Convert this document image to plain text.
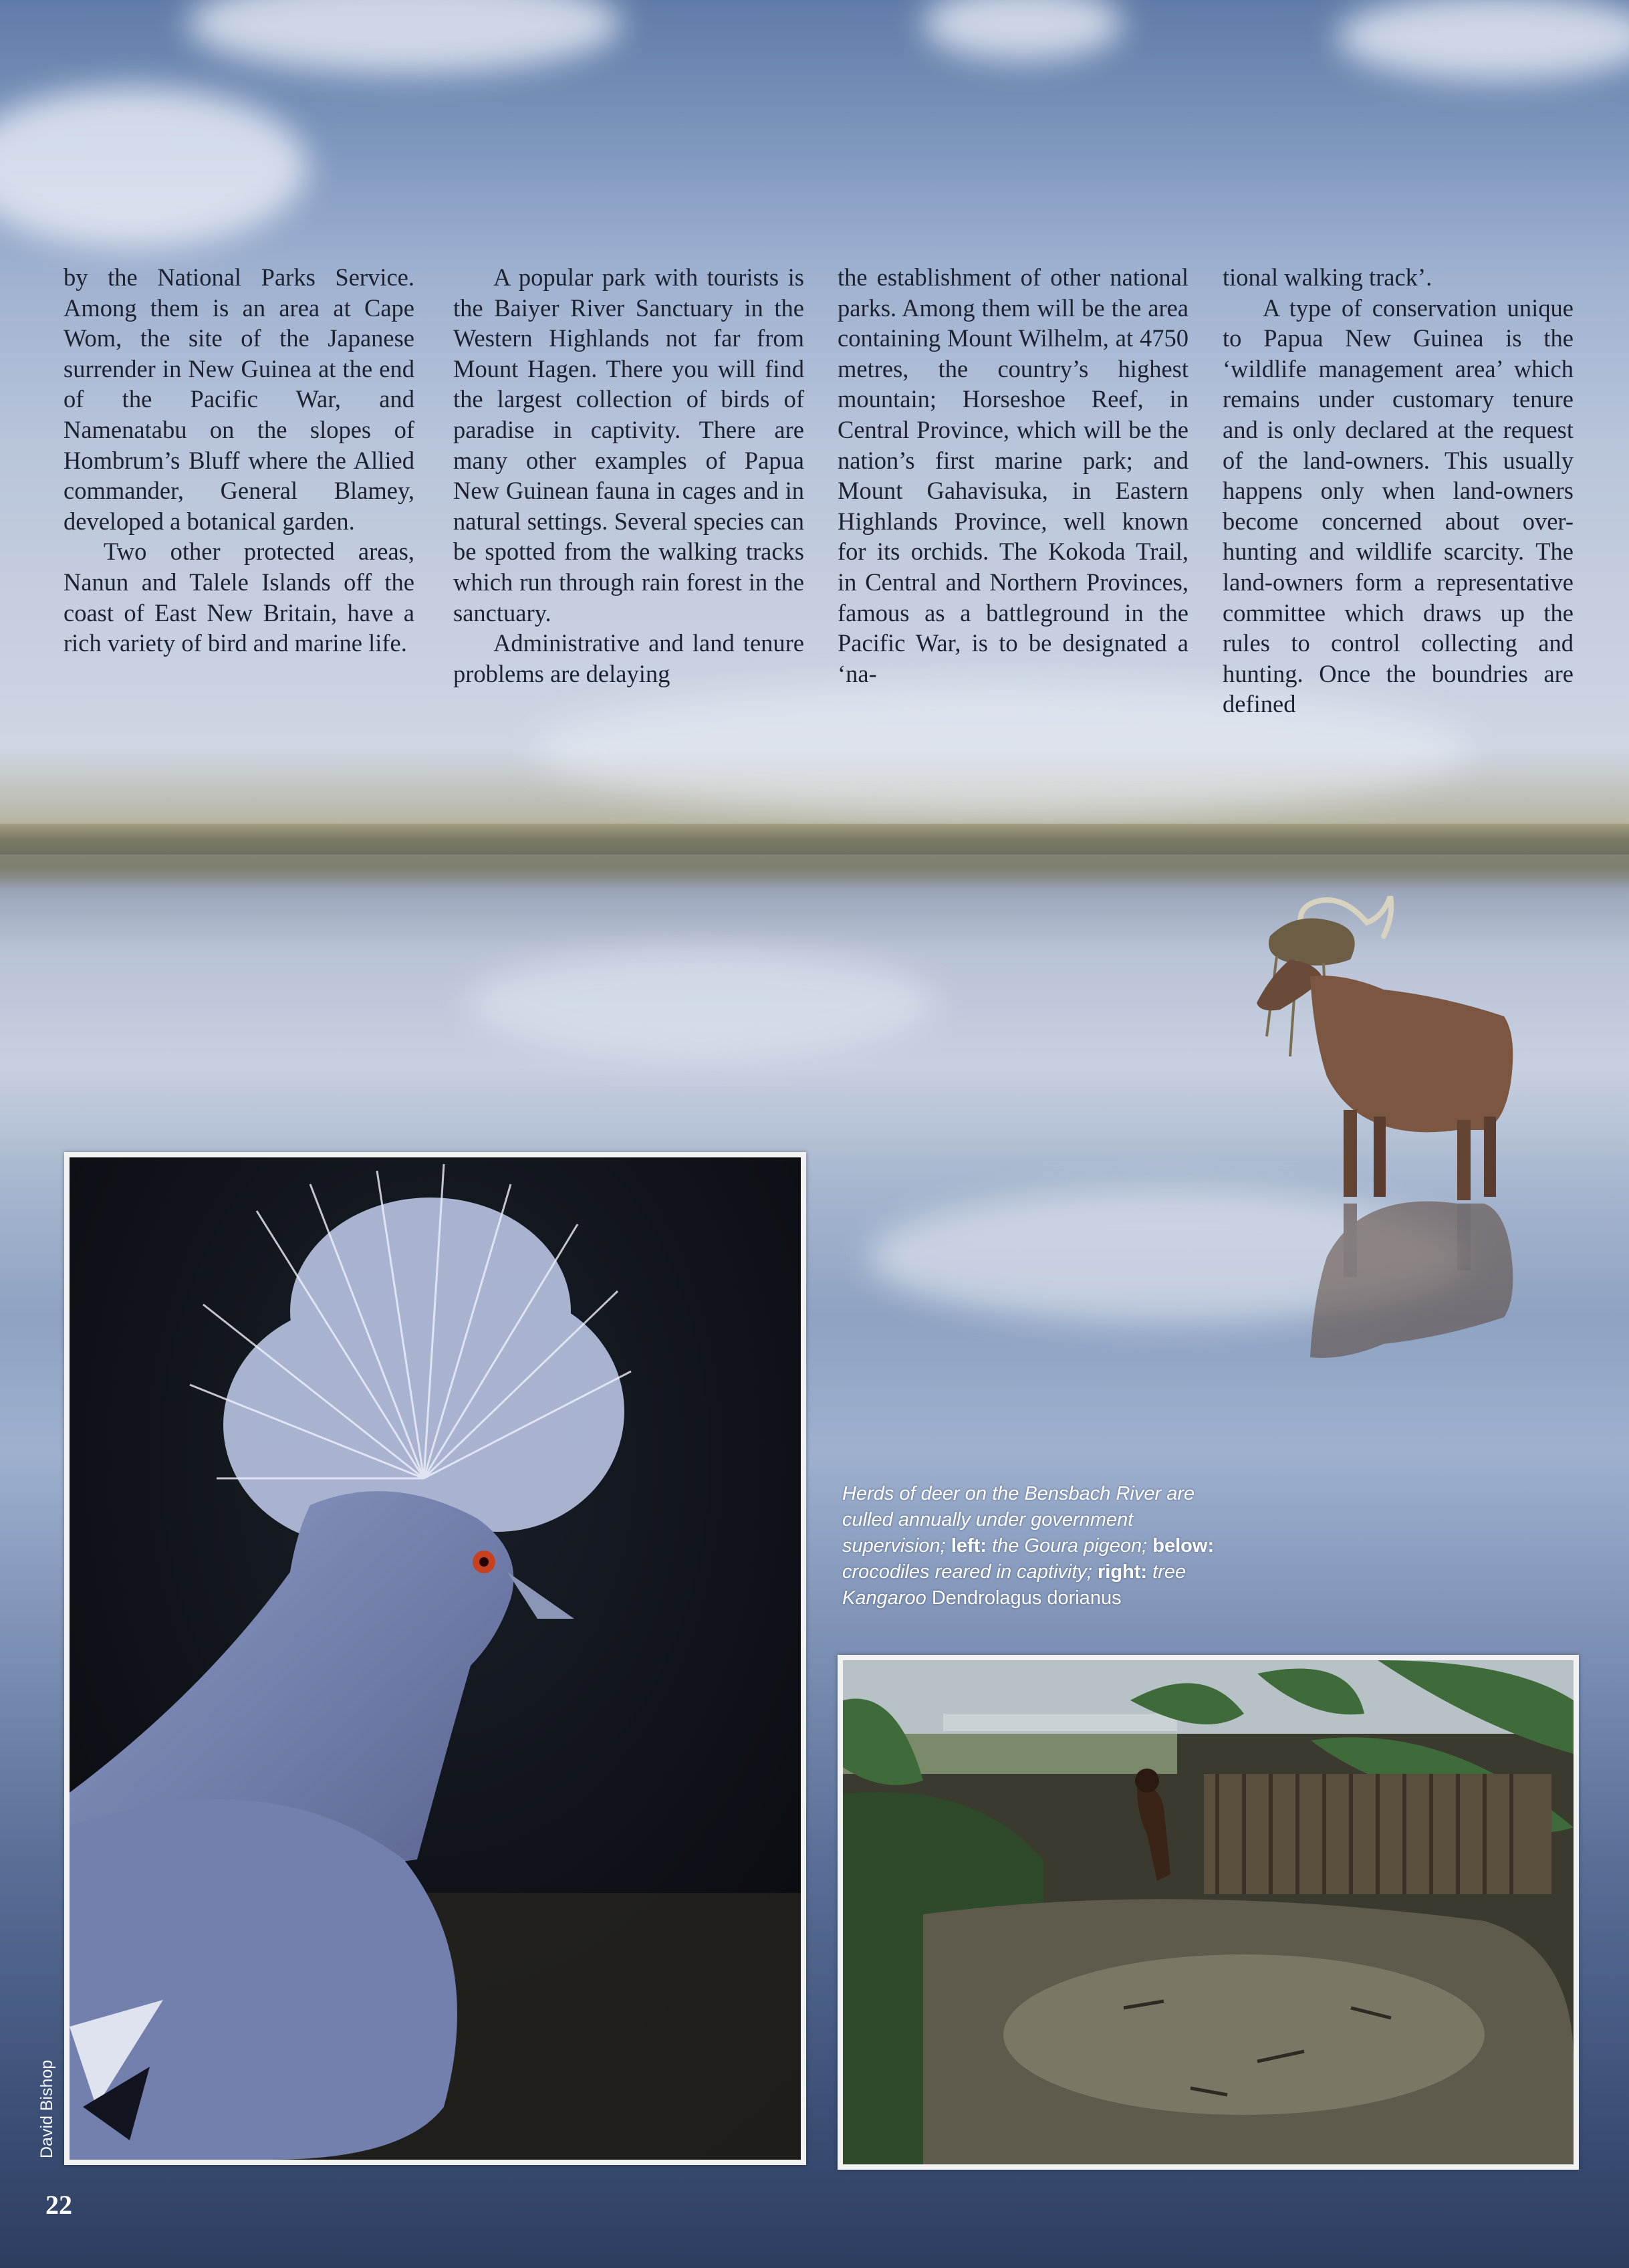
by the National Parks Service. Among them is an area at Cape Wom, the site of the Japanese surrender in New Guinea at the end of the Pacific War, and Namenatabu on the slopes of Hombrum’s Bluff where the Allied commander, General Blamey, developed a botanical garden.

Two other protected areas, Nanun and Talele Islands off the coast of East New Britain, have a rich variety of bird and marine life.

A popular park with tourists is the Baiyer River Sanctuary in the Western Highlands not far from Mount Hagen. There you will find the largest collection of birds of paradise in captivity. There are many other examples of Papua New Guinean fauna in cages and in natural settings. Several species can be spotted from the walking tracks which run through rain forest in the sanctuary.

Administrative and land tenure problems are delaying

the establishment of other national parks. Among them will be the area containing Mount Wilhelm, at 4750 metres, the country’s highest mountain; Horseshoe Reef, in Central Province, which will be the nation’s first marine park; and Mount Gahavisuka, in Eastern Highlands Province, well known for its orchids. The Kokoda Trail, in Central and Northern Provinces, famous as a battleground in the Pacific War, is to be designated a ‘na-

tional walking track’.

A type of conservation unique to Papua New Guinea is the ‘wildlife management area’ which remains under customary tenure and is only declared at the request of the land-owners. This usually happens only when land-owners become concerned about over-hunting and wildlife scarcity. The land-owners form a representative committee which draws up the rules to control collecting and hunting. Once the boundries are defined

Herds of deer on the Bensbach River are culled annually under government supervision; left: the Goura pigeon; below: crocodiles reared in captivity; right: tree Kangaroo Dendrolagus dorianus
David Bishop
22
